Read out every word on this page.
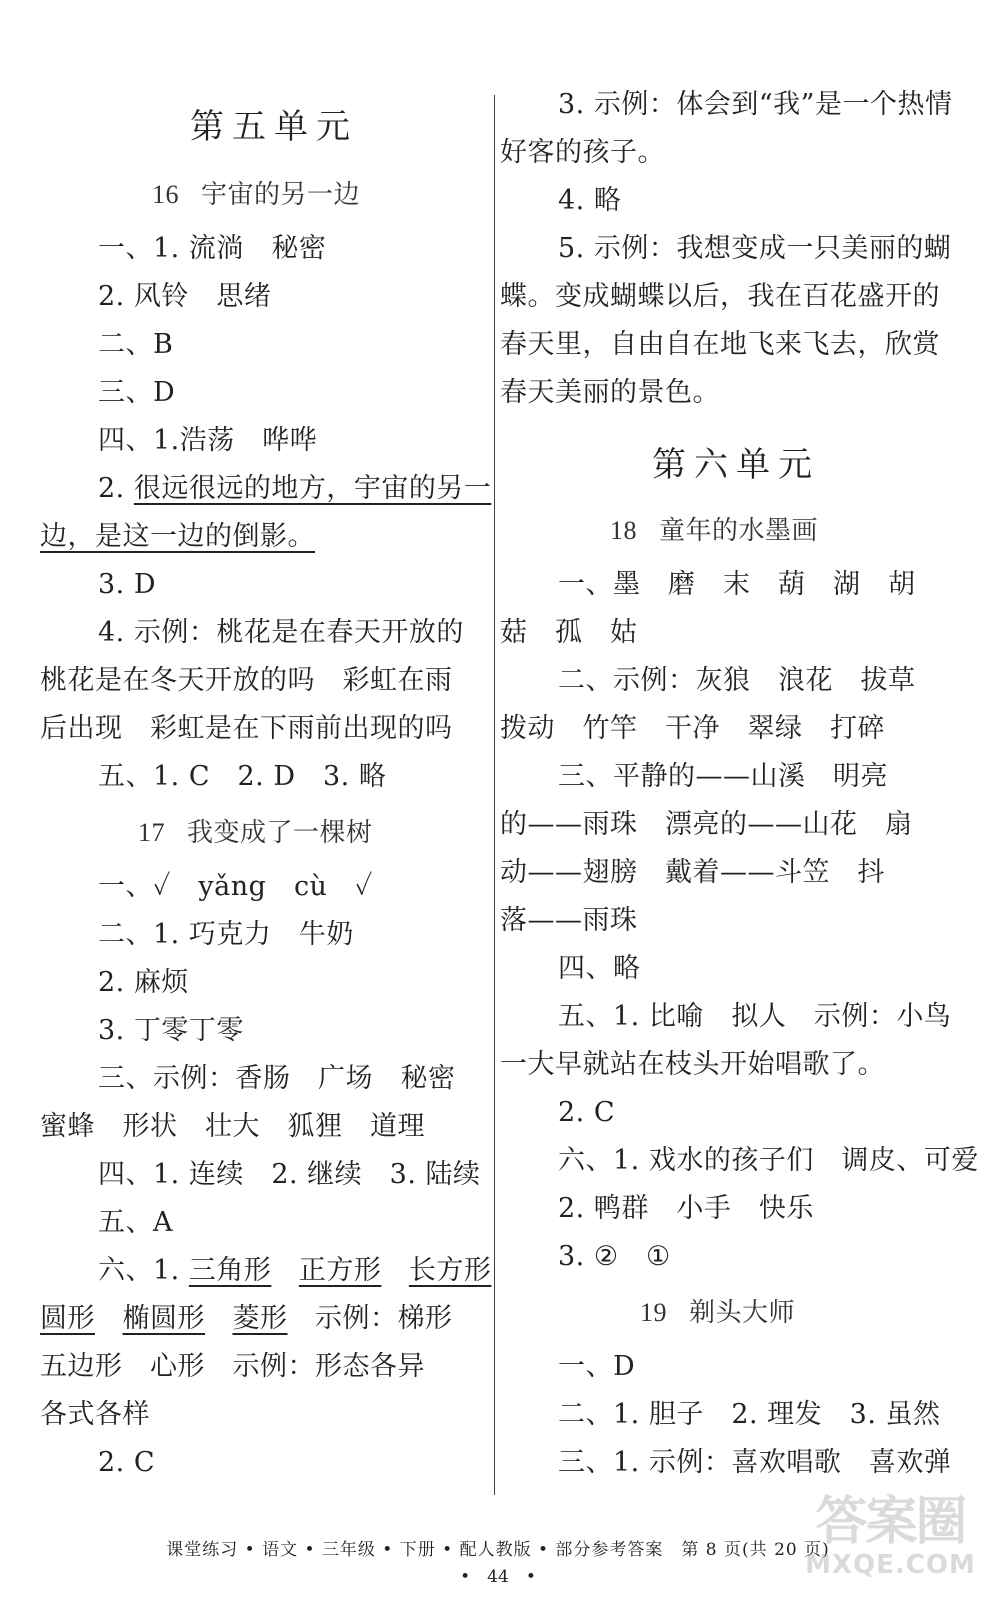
第五单元
16 宇宙的另一边
一、1. 流淌　秘密
2. 风铃　思绪
二、B
三、D
四、1.浩荡　哗哗
2. 很远很远的地方，宇宙的另一
边，是这一边的倒影。
3. D
4. 示例：桃花是在春天开放的
桃花是在冬天开放的吗　彩虹在雨
后出现　彩虹是在下雨前出现的吗
五、1. C　2. D　3. 略
17 我变成了一棵树
一、✓　yǎng　cù　✓
二、1. 巧克力　牛奶
2. 麻烦
3. 丁零丁零
三、示例：香肠　广场　秘密
蜜蜂　形状　壮大　狐狸　道理
四、1. 连续　2. 继续　3. 陆续
五、A
六、1. 三角形　 正方形　 长方形
圆形　 椭圆形　 菱形　 示例：梯形
五边形　心形　示例：形态各异
各式各样
2. C
3. 示例：体会到“我”是一个热情
好客的孩子。
4. 略
5. 示例：我想变成一只美丽的蝴
蝶。变成蝴蝶以后，我在百花盛开的
春天里，自由自在地飞来飞去，欣赏
春天美丽的景色。
第六单元
18 童年的水墨画
一、墨　磨　末　葫　湖　胡
菇　孤　姑
二、示例：灰狼　浪花　拔草
拨动　竹竿　干净　翠绿　打碎
三、平静的——山溪　明亮
的——雨珠　漂亮的——山花　扇
动——翅膀　戴着——斗笠　抖
落——雨珠
四、略
五、1. 比喻　拟人　示例：小鸟
一大早就站在枝头开始唱歌了。
2. C
六、1. 戏水的孩子们　调皮、可爱
2. 鸭群　小手　快乐
3. ②　①
19 剃头大师
一、D
二、1. 胆子　2. 理发　3. 虽然
三、1. 示例：喜欢唱歌　喜欢弹
课堂练习 • 语文 • 三年级 • 下册 • 配人教版 • 部分参考答案　第 8 页(共 20 页)
•　44　•
答案圈
MXQE.COM
